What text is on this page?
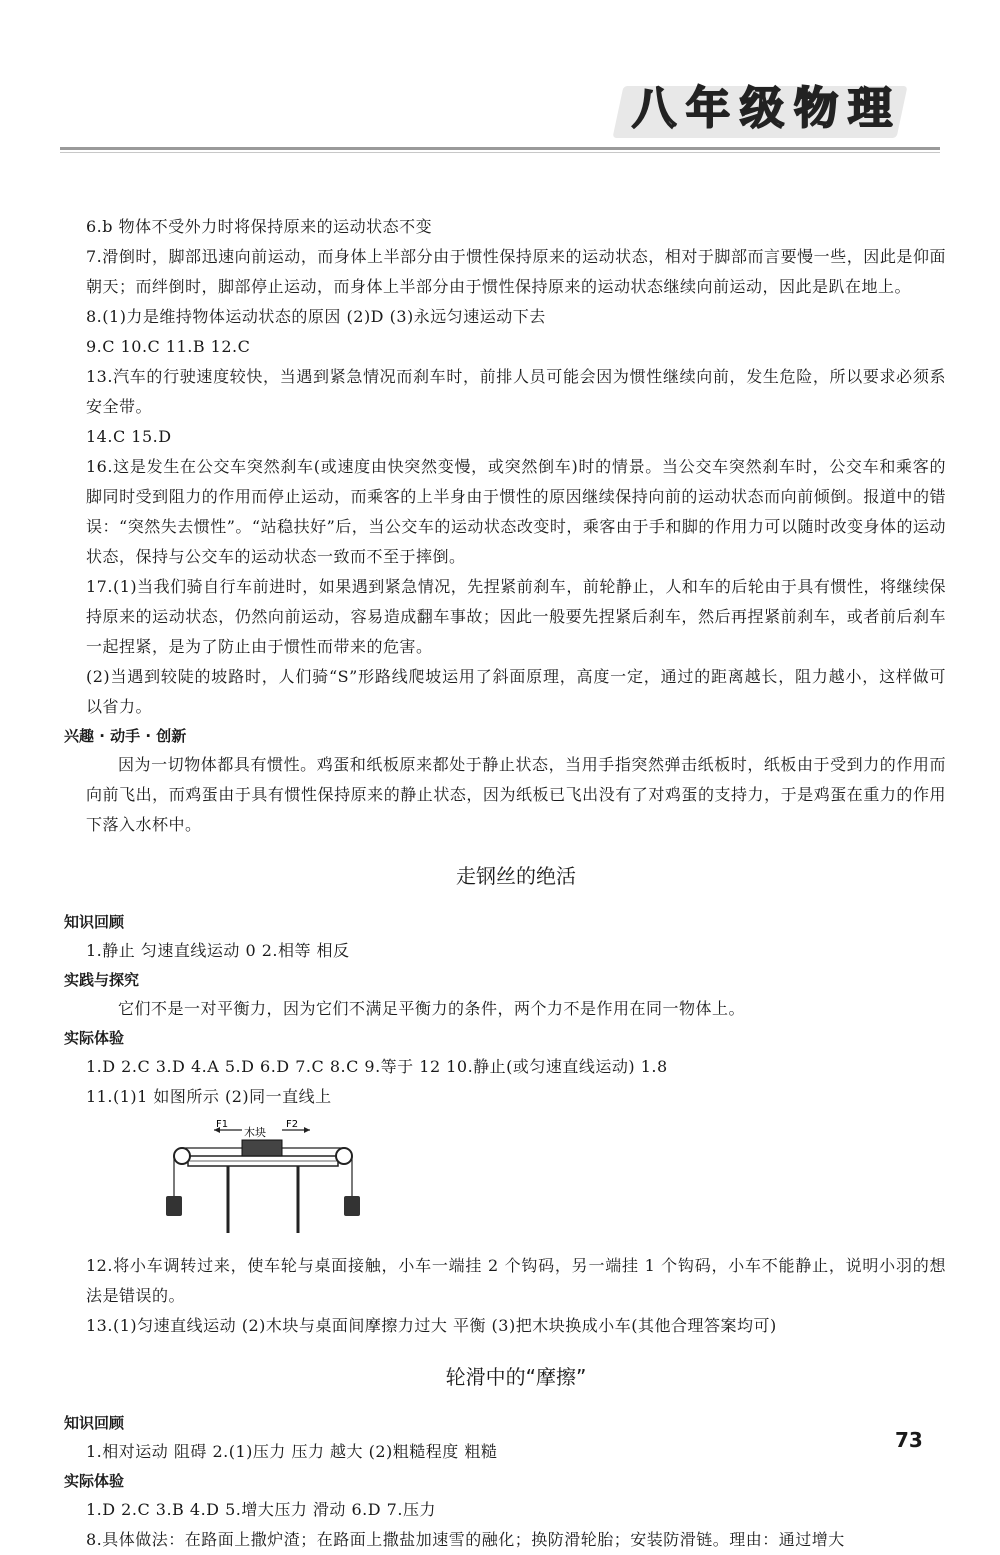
八 年 级 物 理

6.b 物体不受外力时将保持原来的运动状态不变

7.滑倒时，脚部迅速向前运动，而身体上半部分由于惯性保持原来的运动状态，相对于脚部而言要慢一些，因此是仰面朝天；而绊倒时，脚部停止运动，而身体上半部分由于惯性保持原来的运动状态继续向前运动，因此是趴在地上。

8.(1)力是维持物体运动状态的原因 (2)D (3)永远匀速运动下去

9.C 10.C 11.B 12.C

13.汽车的行驶速度较快，当遇到紧急情况而刹车时，前排人员可能会因为惯性继续向前，发生危险，所以要求必须系安全带。

14.C 15.D

16.这是发生在公交车突然刹车(或速度由快突然变慢，或突然倒车)时的情景。当公交车突然刹车时，公交车和乘客的脚同时受到阻力的作用而停止运动，而乘客的上半身由于惯性的原因继续保持向前的运动状态而向前倾倒。报道中的错误：“突然失去惯性”。“站稳扶好”后，当公交车的运动状态改变时，乘客由于手和脚的作用力可以随时改变身体的运动状态，保持与公交车的运动状态一致而不至于摔倒。

17.(1)当我们骑自行车前进时，如果遇到紧急情况，先捏紧前刹车，前轮静止，人和车的后轮由于具有惯性，将继续保持原来的运动状态，仍然向前运动，容易造成翻车事故；因此一般要先捏紧后刹车，然后再捏紧前刹车，或者前后刹车一起捏紧，是为了防止由于惯性而带来的危害。

(2)当遇到较陡的坡路时，人们骑“S”形路线爬坡运用了斜面原理，高度一定，通过的距离越长，阻力越小，这样做可以省力。

兴趣 · 动手 · 创新

因为一切物体都具有惯性。鸡蛋和纸板原来都处于静止状态，当用手指突然弹击纸板时，纸板由于受到力的作用而向前飞出，而鸡蛋由于具有惯性保持原来的静止状态，因为纸板已飞出没有了对鸡蛋的支持力，于是鸡蛋在重力的作用下落入水杯中。

走钢丝的绝活

知识回顾

1.静止 匀速直线运动 0 2.相等 相反

实践与探究

它们不是一对平衡力，因为它们不满足平衡力的条件，两个力不是作用在同一物体上。

实际体验

1.D 2.C 3.D 4.A 5.D 6.D 7.C 8.C 9.等于 12 10.静止(或匀速直线运动) 1.8

11.(1)1 如图所示 (2)同一直线上

F1
木块
F2

12.将小车调转过来，使车轮与桌面接触，小车一端挂 2 个钩码，另一端挂 1 个钩码，小车不能静止，说明小羽的想法是错误的。

13.(1)匀速直线运动 (2)木块与桌面间摩擦力过大 平衡 (3)把木块换成小车(其他合理答案均可)

轮滑中的“摩擦”

知识回顾

1.相对运动 阻碍 2.(1)压力 压力 越大 (2)粗糙程度 粗糙

实际体验

1.D 2.C 3.B 4.D 5.增大压力 滑动 6.D 7.压力

8.具体做法：在路面上撒炉渣；在路面上撒盐加速雪的融化；换防滑轮胎；安装防滑链。理由：通过增大

73
